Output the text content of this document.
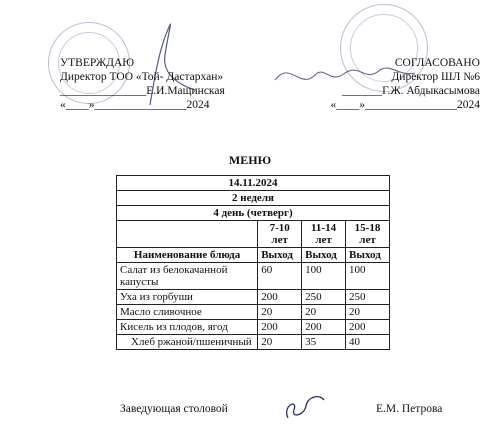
УТВЕРЖДАЮ
Директор ТОО «Той- Дастархан»
_______________Е.И.Мащинская
«____»________________2024
СОГЛАСОВАНО
Директор ШЛ №6
_______Г.Ж. Абдыкасымова
«____»________________2024
МЕНЮ
14.11.2024			
2 неделя			
4 день (четверг)			
	7-10 лет	11-14 лет	15-18 лет
Наименование блюда	Выход	Выход	Выход
Салат из белокачанной капусты	60	100	100
Уха из горбуши	200	250	250
Масло сливочное	20	20	20
Кисель из плодов, ягод	200	200	200
Хлеб ржаной/пшеничный	20	35	40
Заведующая столовой	Е.М. Петрова
